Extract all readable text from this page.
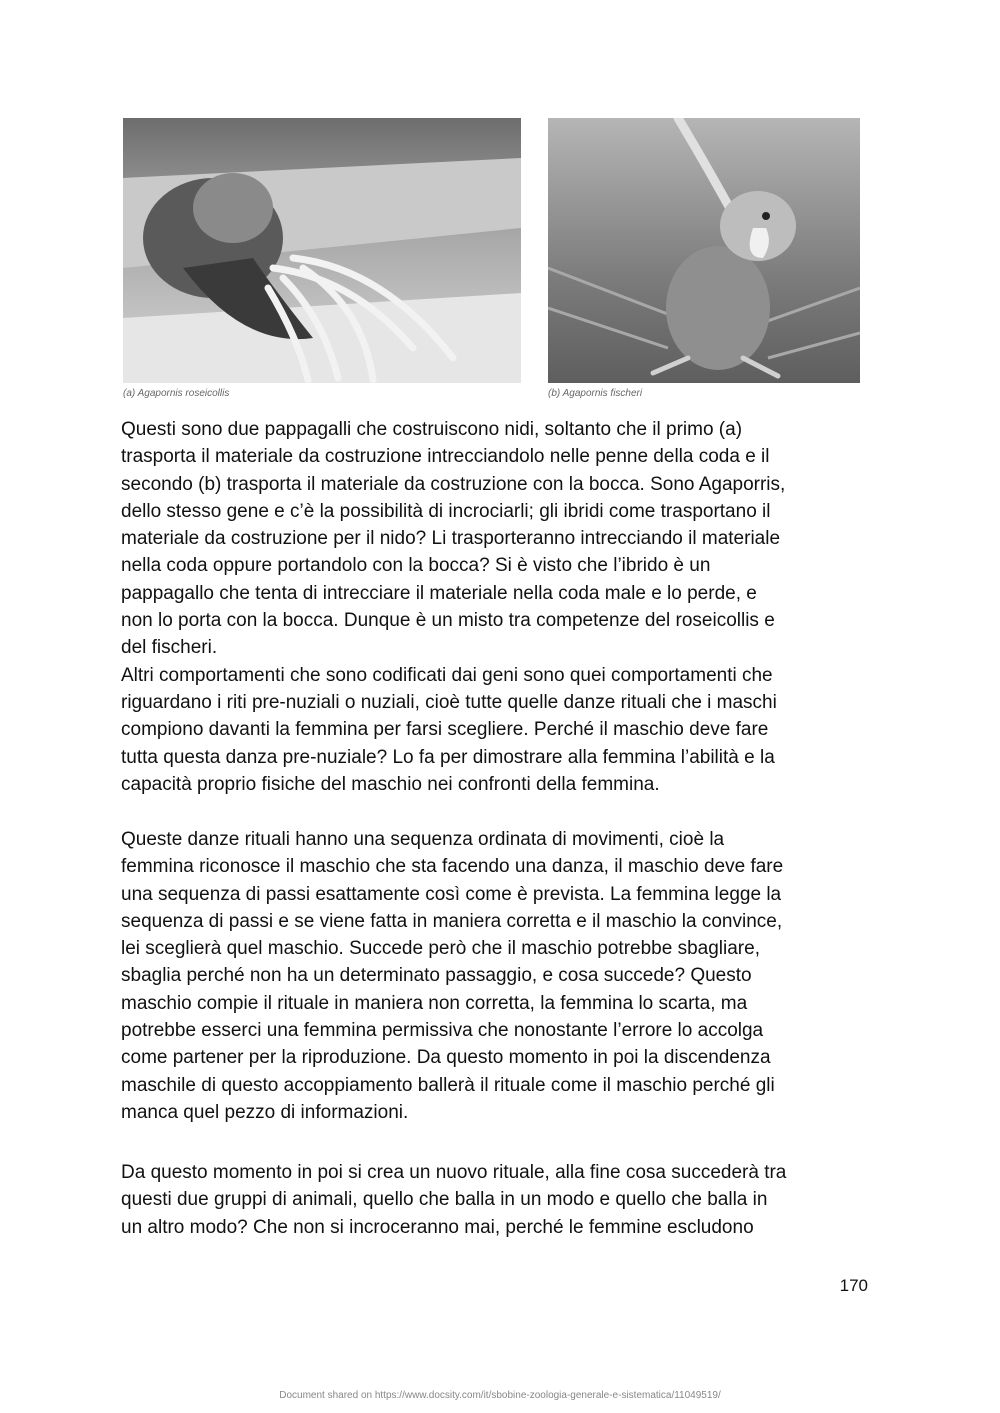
(a) Agapornis roseicollis	(b) Agapornis fischeri

Questi sono due pappagalli che costruiscono nidi, soltanto che il primo (a)
trasporta il materiale da costruzione intrecciandolo nelle penne della coda e il
secondo (b) trasporta il materiale da costruzione con la bocca. Sono Agaporris,
dello stesso gene e c’è la possibilità di incrociarli; gli ibridi come trasportano il
materiale da costruzione per il nido? Li trasporteranno intrecciando il materiale
nella coda oppure portandolo con la bocca? Si è visto che l’ibrido è un
pappagallo che tenta di intrecciare il materiale nella coda male e lo perde, e
non lo porta con la bocca. Dunque è un misto tra competenze del roseicollis e
del fischeri.
Altri comportamenti che sono codificati dai geni sono quei comportamenti che
riguardano i riti pre-nuziali o nuziali, cioè tutte quelle danze rituali che i maschi
compiono davanti la femmina per farsi scegliere. Perché il maschio deve fare
tutta questa danza pre-nuziale? Lo fa per dimostrare alla femmina l’abilità e la
capacità proprio fisiche del maschio nei confronti della femmina.

Queste danze rituali hanno una sequenza ordinata di movimenti, cioè la
femmina riconosce il maschio che sta facendo una danza, il maschio deve fare
una sequenza di passi esattamente così come è prevista. La femmina legge la
sequenza di passi e se viene fatta in maniera corretta e il maschio la convince,
lei sceglierà quel maschio. Succede però che il maschio potrebbe sbagliare,
sbaglia perché non ha un determinato passaggio, e cosa succede? Questo
maschio compie il rituale in maniera non corretta, la femmina lo scarta, ma
potrebbe esserci una femmina permissiva che nonostante l’errore lo accolga
come partener per la riproduzione. Da questo momento in poi la discendenza
maschile di questo accoppiamento ballerà il rituale come il maschio perché gli
manca quel pezzo di informazioni.

Da questo momento in poi si crea un nuovo rituale, alla fine cosa succederà tra
questi due gruppi di animali, quello che balla in un modo e quello che balla in
un altro modo? Che non si incroceranno mai, perché le femmine escludono

170
Document shared on https://www.docsity.com/it/sbobine-zoologia-generale-e-sistematica/11049519/
